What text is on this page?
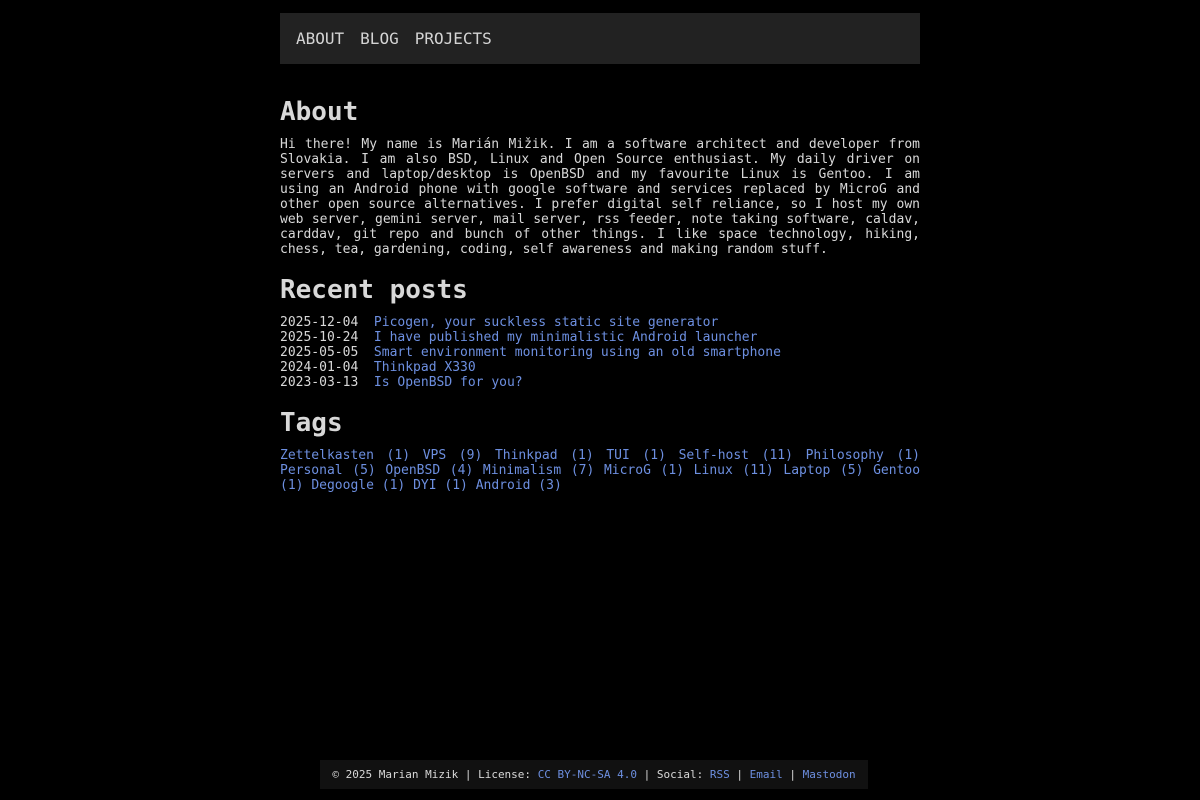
ABOUT BLOG PROJECTS
About

Hi there! My name is Marián Mižik. I am a software architect and developer from Slovakia. I am also BSD, Linux and Open Source enthusiast. My daily driver on servers and laptop/desktop is OpenBSD and my favourite Linux is Gentoo. I am using an Android phone with google software and services replaced by MicroG and other open source alternatives. I prefer digital self reliance, so I host my own web server, gemini server, mail server, rss feeder, note taking software, caldav, carddav, git repo and bunch of other things. I like space technology, hiking, chess, tea, gardening, coding, self awareness and making random stuff.

Recent posts
2025-12-04  Picogen, your suckless static site generator
2025-10-24  I have published my minimalistic Android launcher
2025-05-05  Smart environment monitoring using an old smartphone
2024-01-04  Thinkpad X330
2023-03-13  Is OpenBSD for you?
Tags
Zettelkasten (1) VPS (9) Thinkpad (1) TUI (1) Self-host (11) Philosophy (1) Personal (5) OpenBSD (4) Minimalism (7) MicroG (1) Linux (11) Laptop (5) Gentoo (1) Degoogle (1) DYI (1) Android (3)
© 2025 Marian Mizik | License: CC BY-NC-SA 4.0 | Social: RSS | Email | Mastodon
